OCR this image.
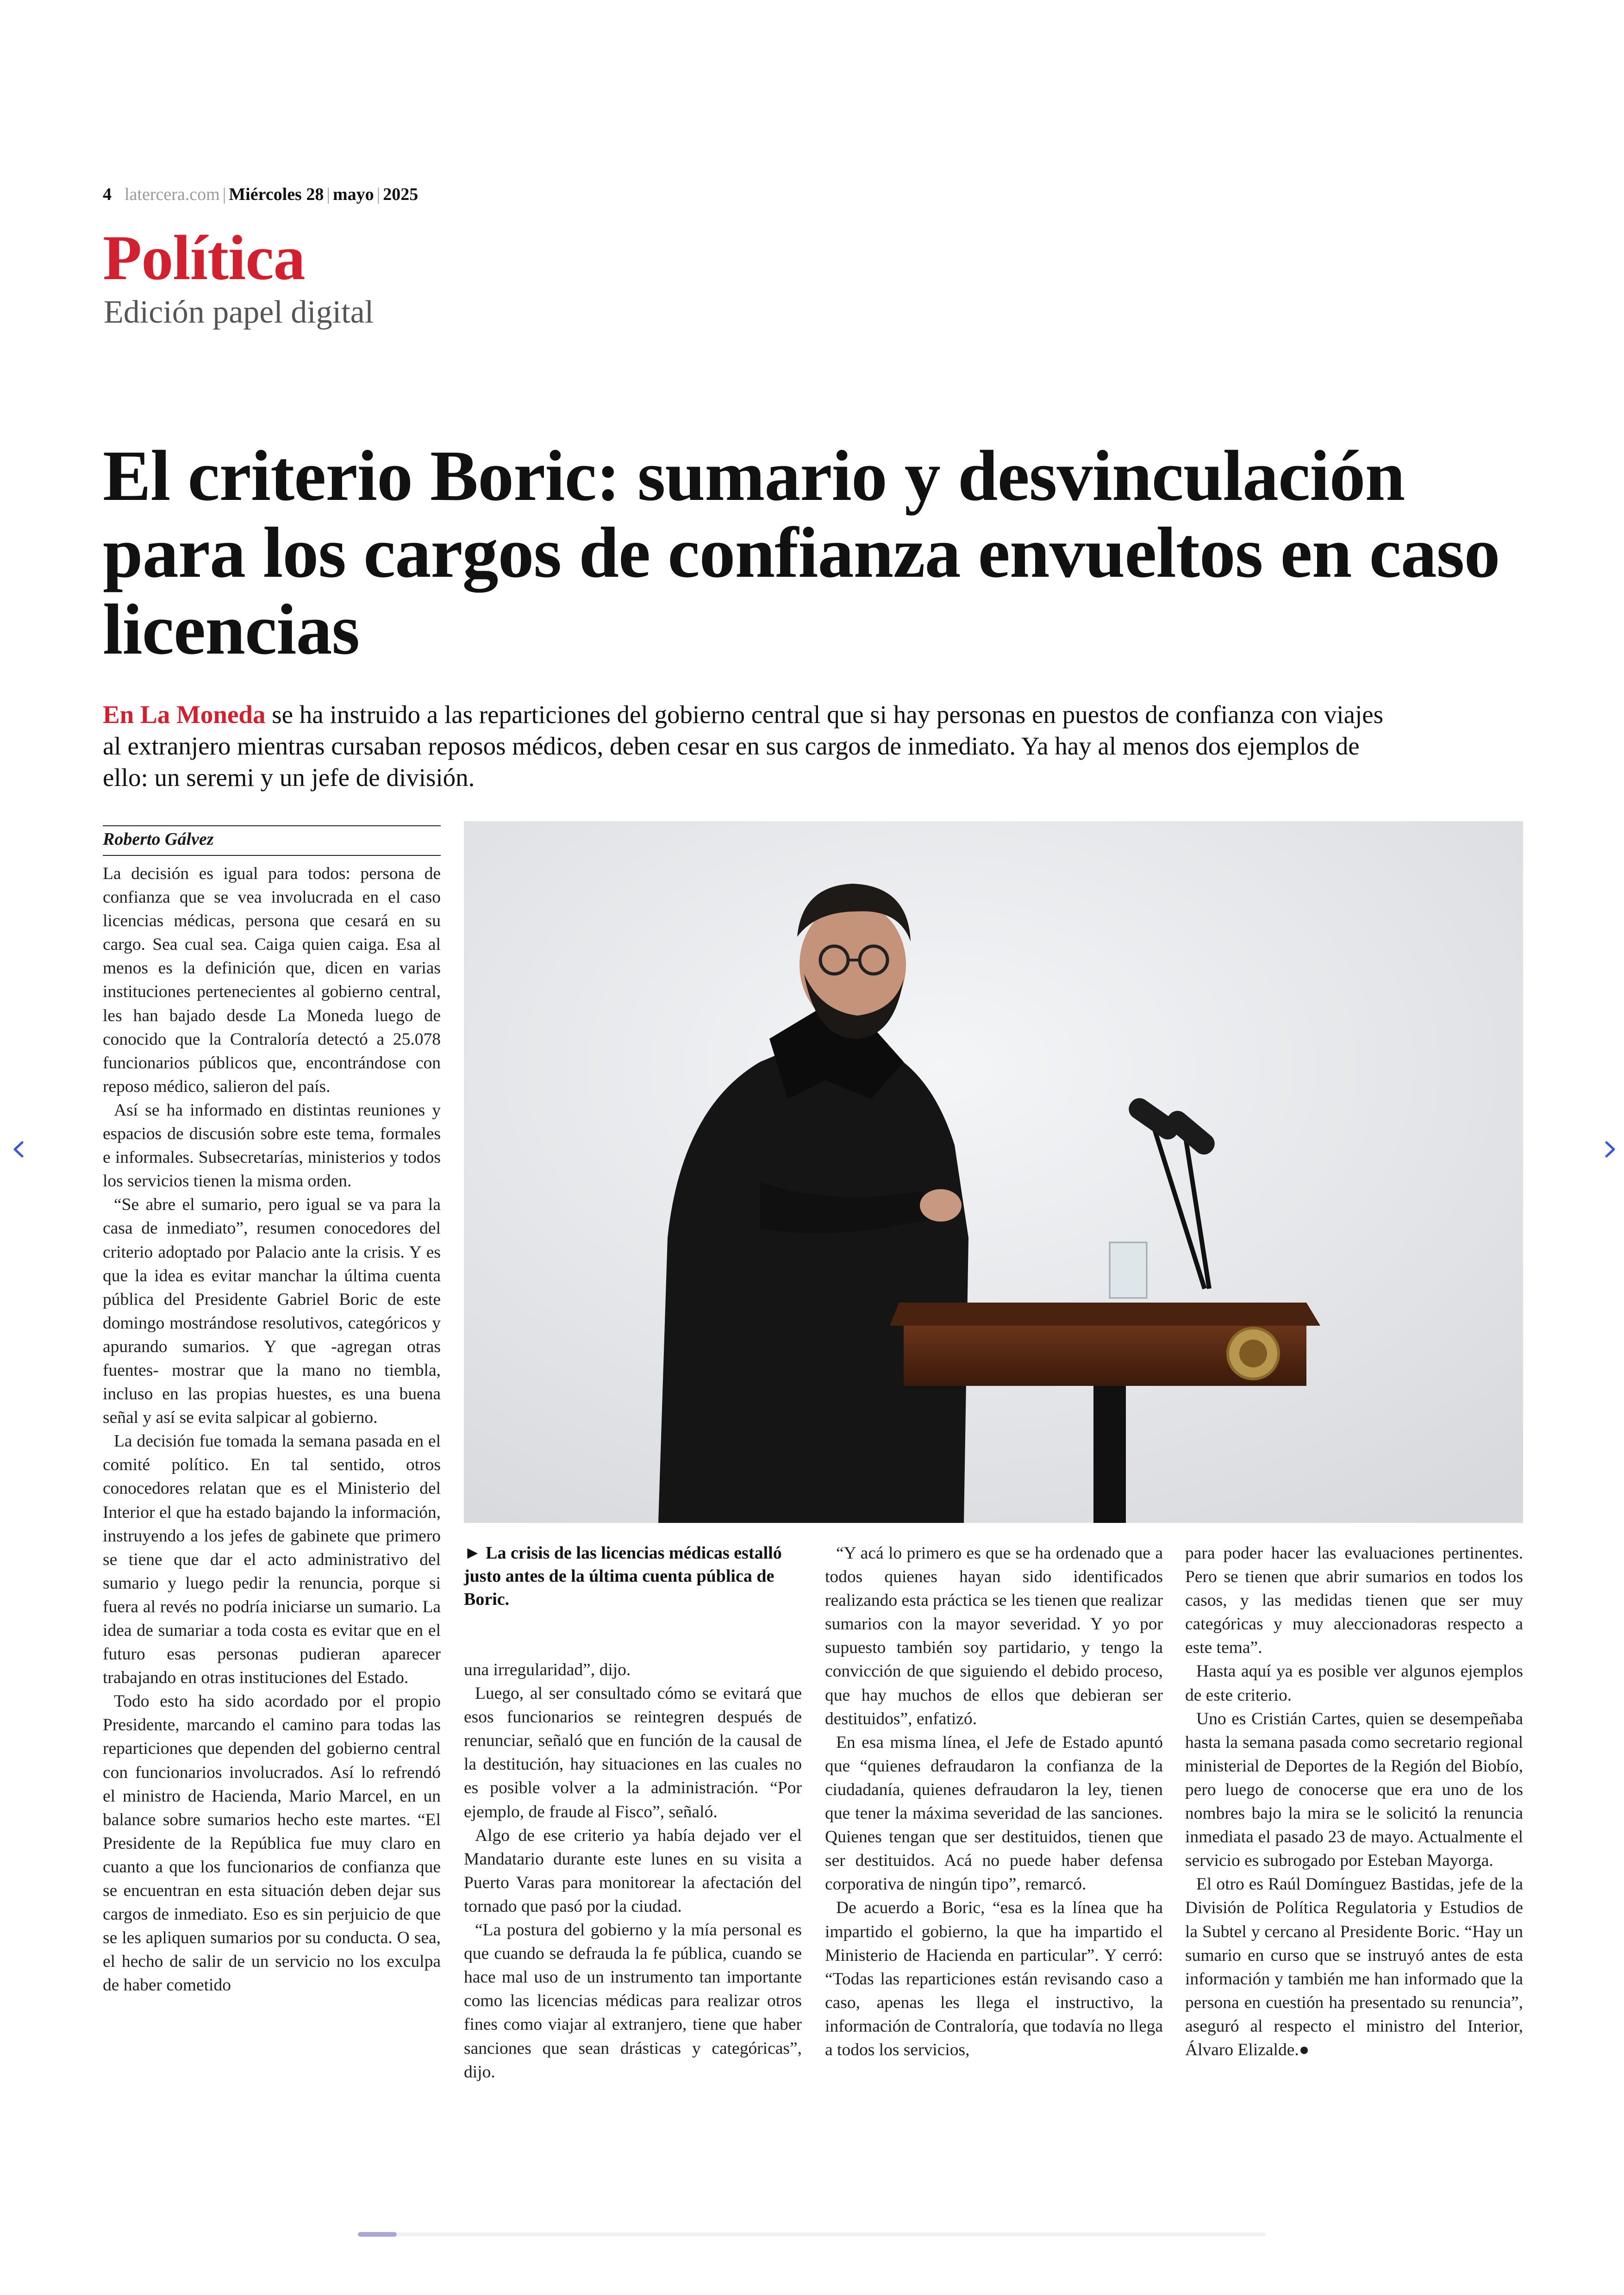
4 latercera.com | Miércoles 28 | mayo | 2025
Política
Edición papel digital
El criterio Boric: sumario y desvinculación para los cargos de confianza envueltos en caso licencias

En La Moneda se ha instruido a las reparticiones del gobierno central que si hay personas en puestos de confianza con viajes al extranjero mientras cursaban reposos médicos, deben cesar en sus cargos de inmediato. Ya hay al menos dos ejemplos de ello: un seremi y un jefe de división.

Roberto Gálvez

La decisión es igual para todos: persona de confianza que se vea involucrada en el caso licencias médicas, persona que cesará en su cargo. Sea cual sea. Caiga quien caiga. Esa al menos es la definición que, dicen en varias instituciones pertenecientes al gobierno central, les han bajado desde La Moneda luego de conocido que la Contraloría detectó a 25.078 funcionarios públicos que, encontrándose con reposo médico, salieron del país.

Así se ha informado en distintas reuniones y espacios de discusión sobre este tema, formales e informales. Subsecretarías, ministerios y todos los servicios tienen la misma orden.

“Se abre el sumario, pero igual se va para la casa de inmediato”, resumen conocedores del criterio adoptado por Palacio ante la crisis. Y es que la idea es evitar manchar la última cuenta pública del Presidente Gabriel Boric de este domingo mostrándose resolutivos, categóricos y apurando sumarios. Y que -agregan otras fuentes- mostrar que la mano no tiembla, incluso en las propias huestes, es una buena señal y así se evita salpicar al gobierno.

La decisión fue tomada la semana pasada en el comité político. En tal sentido, otros conocedores relatan que es el Ministerio del Interior el que ha estado bajando la información, instruyendo a los jefes de gabinete que primero se tiene que dar el acto administrativo del sumario y luego pedir la renuncia, porque si fuera al revés no podría iniciarse un sumario. La idea de sumariar a toda costa es evitar que en el futuro esas personas pudieran aparecer trabajando en otras instituciones del Estado.

Todo esto ha sido acordado por el propio Presidente, marcando el camino para todas las reparticiones que dependen del gobierno central con funcionarios involucrados. Así lo refrendó el ministro de Hacienda, Mario Marcel, en un balance sobre sumarios hecho este martes. “El Presidente de la República fue muy claro en cuanto a que los funcionarios de confianza que se encuentran en esta situación deben dejar sus cargos de inmediato. Eso es sin perjuicio de que se les apliquen sumarios por su conducta. O sea, el hecho de salir de un servicio no los exculpa de haber cometido

► La crisis de las licencias médicas estalló justo antes de la última cuenta pública de Boric.

una irregularidad”, dijo.

Luego, al ser consultado cómo se evitará que esos funcionarios se reintegren después de renunciar, señaló que en función de la causal de la destitución, hay situaciones en las cuales no es posible volver a la administración. “Por ejemplo, de fraude al Fisco”, señaló.

Algo de ese criterio ya había dejado ver el Mandatario durante este lunes en su visita a Puerto Varas para monitorear la afectación del tornado que pasó por la ciudad.

“La postura del gobierno y la mía personal es que cuando se defrauda la fe pública, cuando se hace mal uso de un instrumento tan importante como las licencias médicas para realizar otros fines como viajar al extranjero, tiene que haber sanciones que sean drásticas y categóricas”, dijo.

“Y acá lo primero es que se ha ordenado que a todos quienes hayan sido identificados realizando esta práctica se les tienen que realizar sumarios con la mayor severidad. Y yo por supuesto también soy partidario, y tengo la convicción de que siguiendo el debido proceso, que hay muchos de ellos que debieran ser destituidos”, enfatizó.

En esa misma línea, el Jefe de Estado apuntó que “quienes defraudaron la confianza de la ciudadanía, quienes defraudaron la ley, tienen que tener la máxima severidad de las sanciones. Quienes tengan que ser destituidos, tienen que ser destituidos. Acá no puede haber defensa corporativa de ningún tipo”, remarcó.

De acuerdo a Boric, “esa es la línea que ha impartido el gobierno, la que ha impartido el Ministerio de Hacienda en particular”. Y cerró: “Todas las reparticiones están revisando caso a caso, apenas les llega el instructivo, la información de Contraloría, que todavía no llega a todos los servicios,

para poder hacer las evaluaciones pertinentes. Pero se tienen que abrir sumarios en todos los casos, y las medidas tienen que ser muy categóricas y muy aleccionadoras respecto a este tema”.

Hasta aquí ya es posible ver algunos ejemplos de este criterio.

Uno es Cristián Cartes, quien se desempeñaba hasta la semana pasada como secretario regional ministerial de Deportes de la Región del Biobío, pero luego de conocerse que era uno de los nombres bajo la mira se le solicitó la renuncia inmediata el pasado 23 de mayo. Actualmente el servicio es subrogado por Esteban Mayorga.

El otro es Raúl Domínguez Bastidas, jefe de la División de Política Regulatoria y Estudios de la Subtel y cercano al Presidente Boric. “Hay un sumario en curso que se instruyó antes de esta información y también me han informado que la persona en cuestión ha presentado su renuncia”, aseguró al respecto el ministro del Interior, Álvaro Elizalde.●
